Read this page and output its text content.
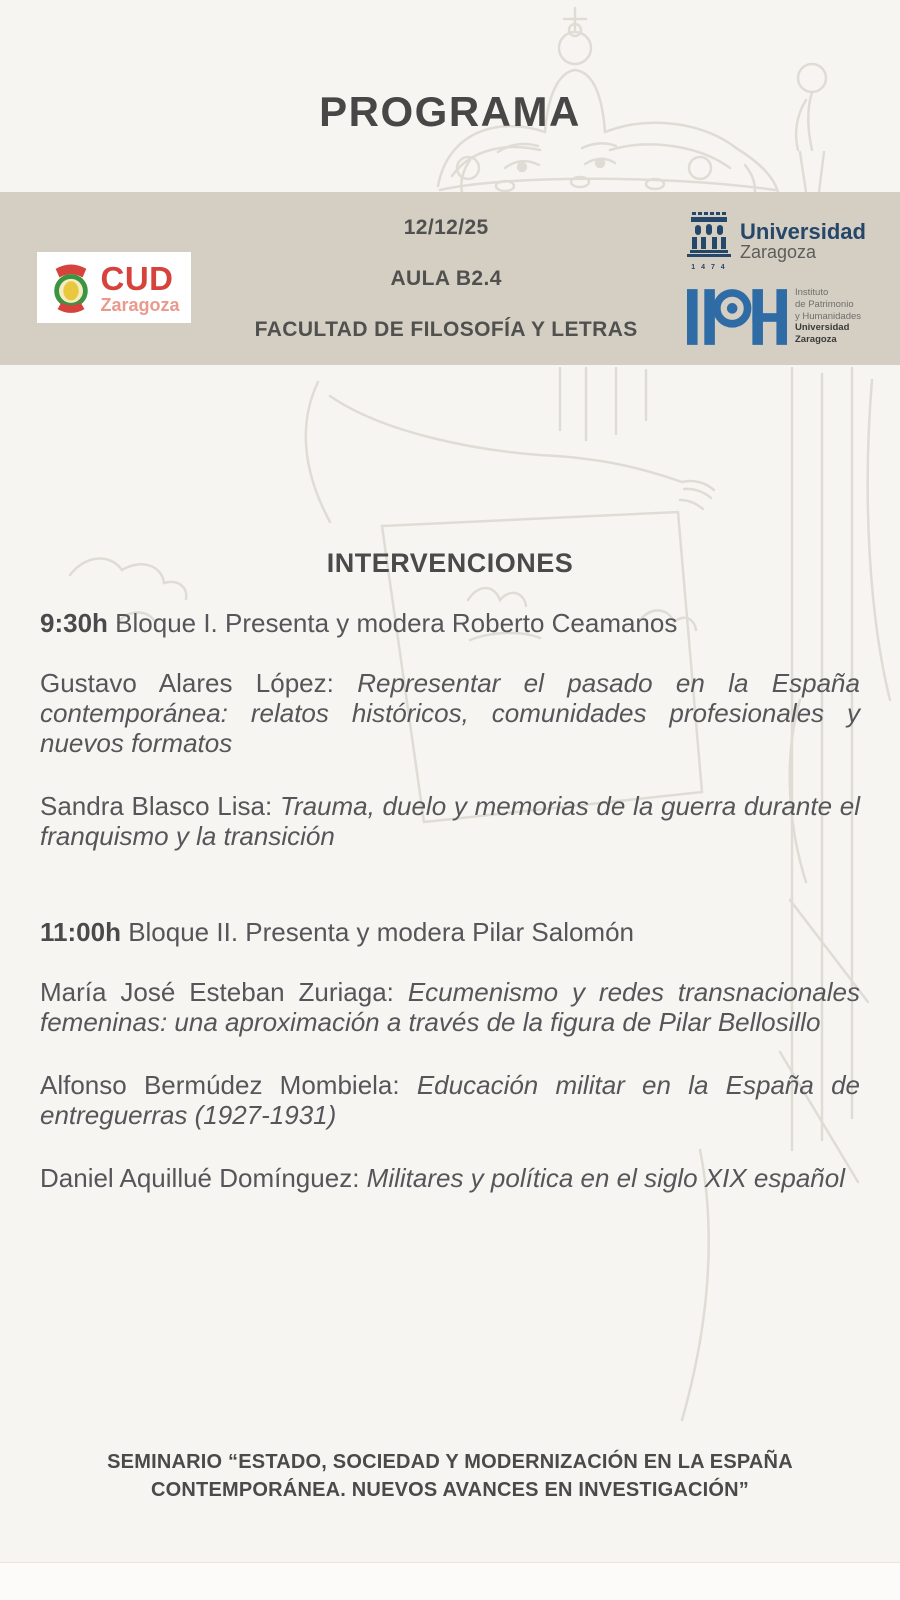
PROGRAMA
CUD
Zaragoza
12/12/25
AULA B2.4
FACULTAD DE FILOSOFÍA Y LETRAS
1 4 7 4
Universidad
Zaragoza
Instituto
de Patrimonio
y Humanidades
Universidad
Zaragoza
INTERVENCIONES

9:30h Bloque I. Presenta y modera Roberto Ceamanos

Gustavo Alares López: Representar el pasado en la España contemporánea: relatos históricos, comunidades profesionales y nuevos formatos

Sandra Blasco Lisa: Trauma, duelo y memorias de la guerra durante el franquismo y la transición

11:00h Bloque II. Presenta y modera Pilar Salomón

María José Esteban Zuriaga: Ecumenismo y redes transnacionales femeninas: una aproximación a través de la figura de Pilar Bellosillo

Alfonso Bermúdez Mombiela: Educación militar en la España de entreguerras (1927-1931)

Daniel Aquillué Domínguez: Militares y política en el siglo XIX español

SEMINARIO “ESTADO, SOCIEDAD Y MODERNIZACIÓN EN LA ESPAÑA
CONTEMPORÁNEA. NUEVOS AVANCES EN INVESTIGACIÓN”
